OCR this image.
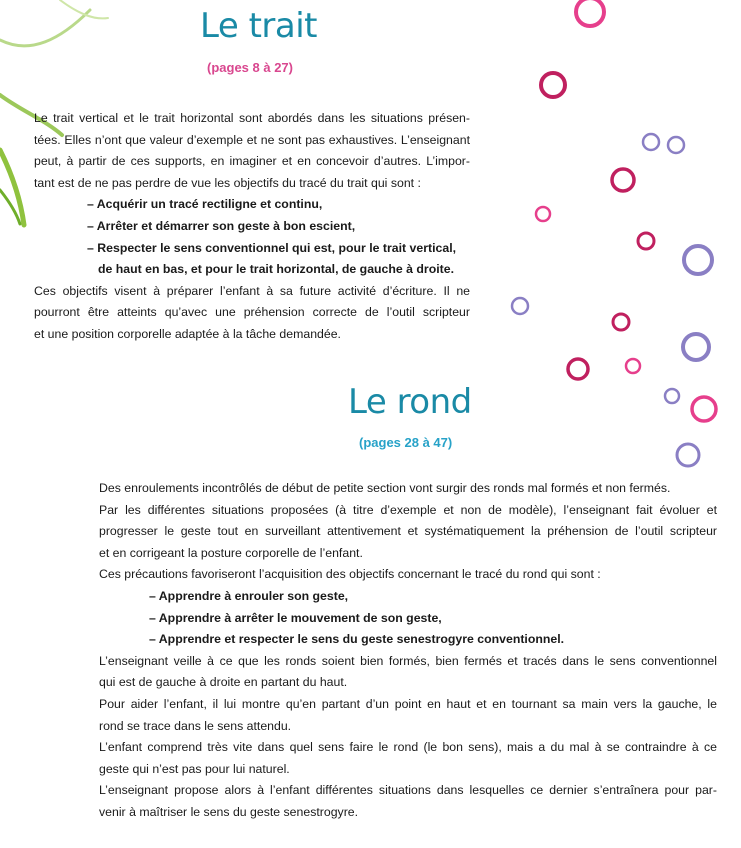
Le trait
(pages 8 à 27)

Le trait vertical et le trait horizontal sont abordés dans les situations présen-

tées. Elles n’ont que valeur d’exemple et ne sont pas exhaustives. L’enseignant

peut, à partir de ces supports, en imaginer et en concevoir d’autres. L’impor-

tant est de ne pas perdre de vue les objectifs du tracé du trait qui sont :

– Acquérir un tracé rectiligne et continu,

– Arrêter et démarrer son geste à bon escient,

– Respecter le sens conventionnel qui est, pour le trait vertical,

de haut en bas, et pour le trait horizontal, de gauche à droite.

Ces objectifs visent à préparer l’enfant à sa future activité d’écriture. Il ne

pourront être atteints qu’avec une préhension correcte de l’outil scripteur

et une position corporelle adaptée à la tâche demandée.

Le rond
(pages 28 à 47)

Des enroulements incontrôlés de début de petite section vont surgir des ronds mal formés et non fermés.

Par les différentes situations proposées (à titre d’exemple et non de modèle), l’enseignant fait évoluer et

progresser le geste tout en surveillant attentivement et systématiquement la préhension de l’outil scripteur

et en corrigeant la posture corporelle de l’enfant.

Ces précautions favoriseront l’acquisition des objectifs concernant le tracé du rond qui sont :

– Apprendre à enrouler son geste,

– Apprendre à arrêter le mouvement de son geste,

– Apprendre et respecter le sens du geste senestrogyre conventionnel.

L’enseignant veille à ce que les ronds soient bien formés, bien fermés et tracés dans le sens conventionnel

qui est de gauche à droite en partant du haut.

Pour aider l’enfant, il lui montre qu’en partant d’un point en haut et en tournant sa main vers la gauche, le

rond se trace dans le sens attendu.

L’enfant comprend très vite dans quel sens faire le rond (le bon sens), mais a du mal à se contraindre à ce

geste qui n’est pas pour lui naturel.

L’enseignant propose alors à l’enfant différentes situations dans lesquelles ce dernier s’entraînera pour par-

venir à maîtriser le sens du geste senestrogyre.
